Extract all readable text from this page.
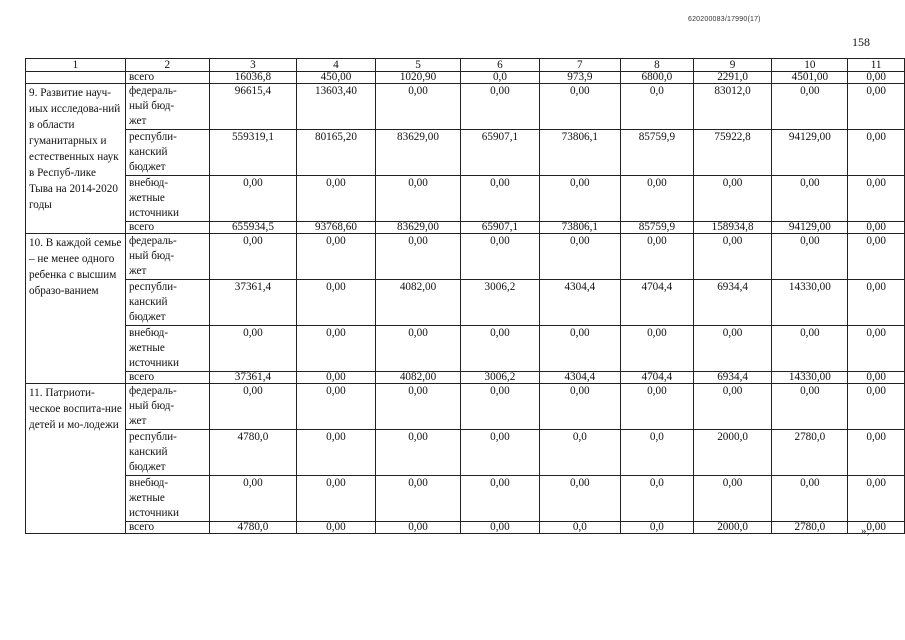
620200083/17990(17)
158
1	2	3	4	5	6	7	8	9	10	11
	всего	16036,8	450,00	1020,90	0,0	973,9	6800,0	2291,0	4501,00	0,00
9. Развитие науч-иых исследова-ний в области гуманитарных и естественных наук в Респуб-лике Тыва на 2014-2020 годы	федераль-
ный бюд-
жет	96615,4	13603,40	0,00	0,00	0,00	0,0	83012,0	0,00	0,00
	республи-
канский
бюджет	559319,1	80165,20	83629,00	65907,1	73806,1	85759,9	75922,8	94129,00	0,00
	внебюд-
жетные
источники	0,00	0,00	0,00	0,00	0,00	0,00	0,00	0,00	0,00
	всего	655934,5	93768,60	83629,00	65907,1	73806,1	85759,9	158934,8	94129,00	0,00
10. В каждой семье – не менее одного ребенка с высшим образо-ванием	федераль-
ный бюд-
жет	0,00	0,00	0,00	0,00	0,00	0,00	0,00	0,00	0,00
	республи-
канский
бюджет	37361,4	0,00	4082,00	3006,2	4304,4	4704,4	6934,4	14330,00	0,00
	внебюд-
жетные
источники	0,00	0,00	0,00	0,00	0,00	0,00	0,00	0,00	0,00
	всего	37361,4	0,00	4082,00	3006,2	4304,4	4704,4	6934,4	14330,00	0,00
11. Патриоти-ческое воспита-ние детей и мо-лодежи	федераль-
ный бюд-
жет	0,00	0,00	0,00	0,00	0,00	0,00	0,00	0,00	0,00
	республи-
канский
бюджет	4780,0	0,00	0,00	0,00	0,0	0,0	2000,0	2780,0	0,00
	внебюд-
жетные
источники	0,00	0,00	0,00	0,00	0,00	0,0	0,00	0,00	0,00
	всего	4780,0	0,00	0,00	0,00	0,0	0,0	2000,0	2780,0	0,00
»;
